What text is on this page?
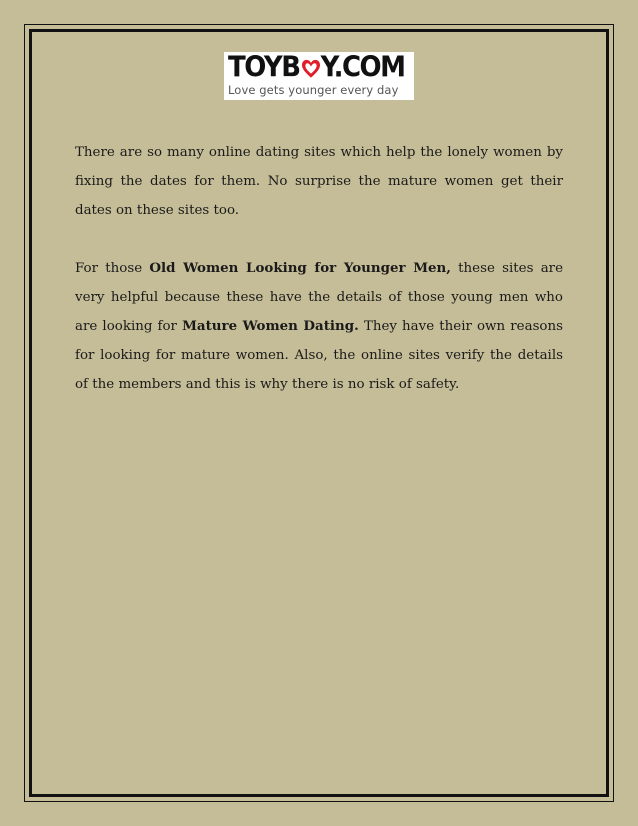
TOYB Y.COM
Love gets younger every day

There are so many online dating sites which help the lonely women by fixing the dates for them. No surprise the mature women get their dates on these sites too.

For those Old Women Looking for Younger Men, these sites are very helpful because these have the details of those young men who are looking for Mature Women Dating. They have their own reasons for looking for mature women. Also, the online sites verify the details of the members and this is why there is no risk of safety.
